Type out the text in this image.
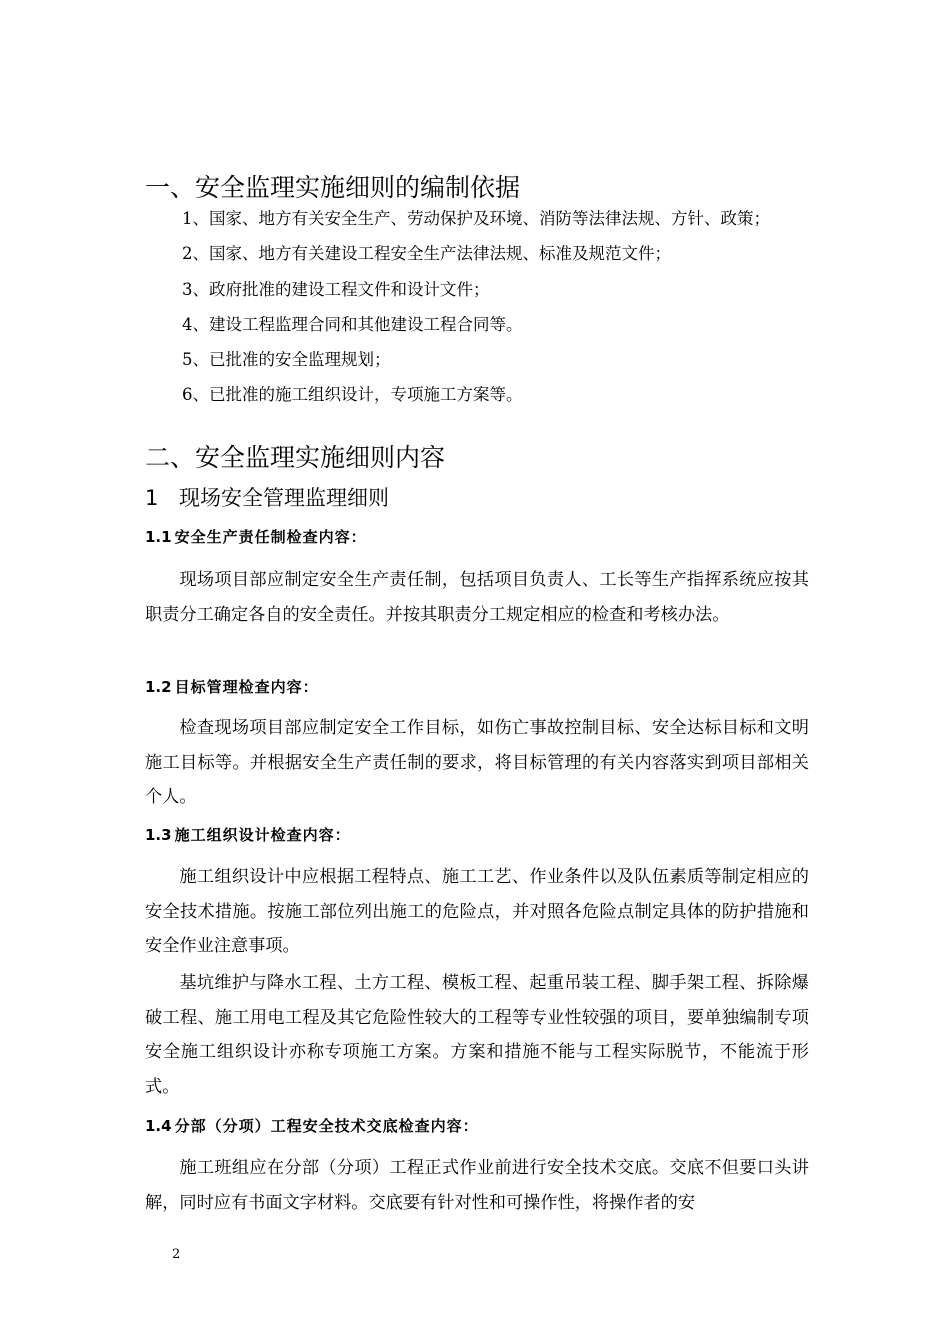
一、安全监理实施细则的编制依据

1、国家、地方有关安全生产、劳动保护及环境、消防等法律法规、方针、政策；

2、国家、地方有关建设工程安全生产法律法规、标准及规范文件；

3、政府批准的建设工程文件和设计文件；

4、建设工程监理合同和其他建设工程合同等。

5、已批准的安全监理规划；

6、已批准的施工组织设计，专项施工方案等。

二、安全监理实施细则内容
1 现场安全管理监理细则
1.1 安全生产责任制检查内容：

现场项目部应制定安全生产责任制，包括项目负责人、工长等生产指挥系统应按其职责分工确定各自的安全责任。并按其职责分工规定相应的检查和考核办法。

1.2 目标管理检查内容：

检查现场项目部应制定安全工作目标，如伤亡事故控制目标、安全达标目标和文明施工目标等。并根据安全生产责任制的要求，将目标管理的有关内容落实到项目部相关个人。

1.3 施工组织设计检查内容：

施工组织设计中应根据工程特点、施工工艺、作业条件以及队伍素质等制定相应的安全技术措施。按施工部位列出施工的危险点，并对照各危险点制定具体的防护措施和安全作业注意事项。

基坑维护与降水工程、土方工程、模板工程、起重吊装工程、脚手架工程、拆除爆破工程、施工用电工程及其它危险性较大的工程等专业性较强的项目，要单独编制专项安全施工组织设计亦称专项施工方案。方案和措施不能与工程实际脱节，不能流于形式。

1.4 分部（分项）工程安全技术交底检查内容：

施工班组应在分部（分项）工程正式作业前进行安全技术交底。交底不但要口头讲解，同时应有书面文字材料。交底要有针对性和可操作性，将操作者的安

2
